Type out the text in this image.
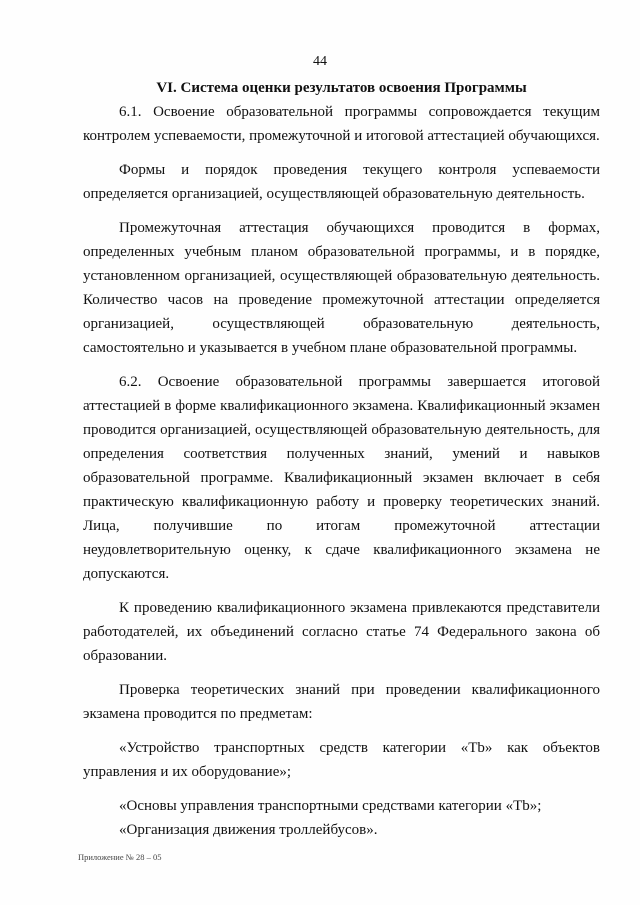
44

VI. Система оценки результатов освоения Программы

6.1. Освоение образовательной программы сопровождается текущим контролем успеваемости, промежуточной и итоговой аттестацией обучающихся.

Формы и порядок проведения текущего контроля успеваемости определяется организацией, осуществляющей образовательную деятельность.

Промежуточная аттестация обучающихся проводится в формах, определенных учебным планом образовательной программы, и в порядке, установленном организацией, осуществляющей образовательную деятельность. Количество часов на проведение промежуточной аттестации определяется организацией, осуществляющей образовательную деятельность, самостоятельно и указывается в учебном плане образовательной программы.

6.2. Освоение образовательной программы завершается итоговой аттестацией в форме квалификационного экзамена. Квалификационный экзамен проводится организацией, осуществляющей образовательную деятельность, для определения соответствия полученных знаний, умений и навыков образовательной программе. Квалификационный экзамен включает в себя практическую квалификационную работу и проверку теоретических знаний. Лица, получившие по итогам промежуточной аттестации неудовлетворительную оценку, к сдаче квалификационного экзамена не допускаются.

К проведению квалификационного экзамена привлекаются представители работодателей, их объединений согласно статье 74 Федерального закона об образовании.

Проверка теоретических знаний при проведении квалификационного экзамена проводится по предметам:

«Устройство транспортных средств категории «Tb» как объектов управления и их оборудование»;

«Основы управления транспортными средствами категории «Tb»;

«Организация движения троллейбусов».

Приложение № 28 – 05
